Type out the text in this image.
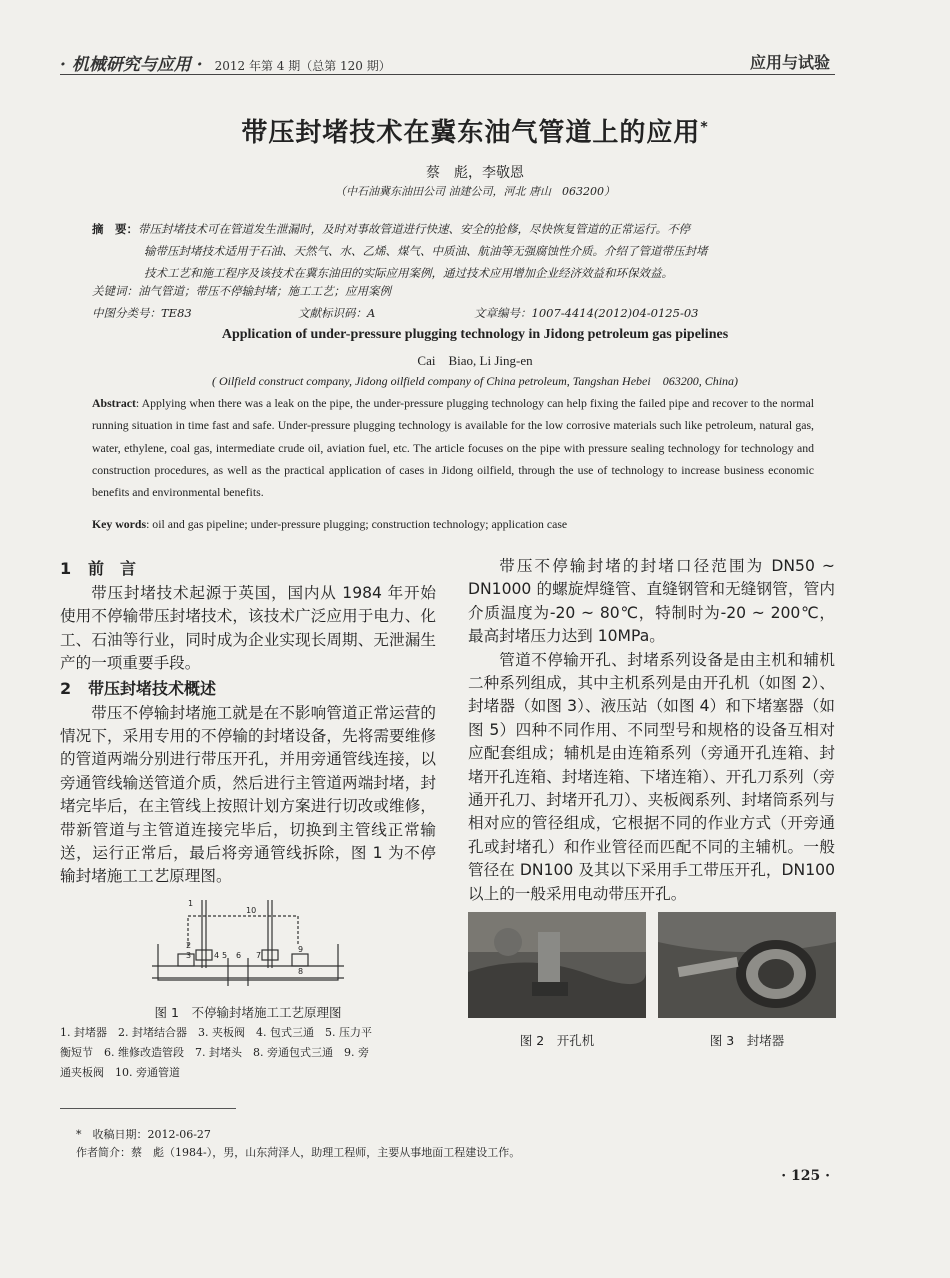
· 机械研究与应用 · 2012 年第 4 期（总第 120 期）	应用与试验
带压封堵技术在冀东油气管道上的应用*
蔡　彪，李敬恩
（中石油冀东油田公司 油建公司，河北 唐山　063200）
摘　要：带压封堵技术可在管道发生泄漏时，及时对事故管道进行快速、安全的抢修，尽快恢复管道的正常运行。不停
输带压封堵技术适用于石油、天然气、水、乙烯、煤气、中质油、航油等无强腐蚀性介质。介绍了管道带压封堵
技术工艺和施工程序及该技术在冀东油田的实际应用案例，通过技术应用增加企业经济效益和环保效益。
关键词：油气管道；带压不停输封堵；施工工艺；应用案例
中图分类号：TE83	文献标识码：A	文章编号：1007-4414(2012)04-0125-03
Application of under-pressure plugging technology in Jidong petroleum gas pipelines
Cai　Biao, Li Jing-en
( Oilfield construct company, Jidong oilfield company of China petroleum, Tangshan Hebei　063200, China)
Abstract: Applying when there was a leak on the pipe, the under-pressure plugging technology can help fixing the failed pipe and recover to the normal running situation in time fast and safe. Under-pressure plugging technology is available for the low corrosive materials such like petroleum, natural gas, water, ethylene, coal gas, intermediate crude oil, aviation fuel, etc. The article focuses on the pipe with pressure sealing technology for technology and construction procedures, as well as the practical application of cases in Jidong oilfield, through the use of technology to increase business economic benefits and environmental benefits.
Key words: oil and gas pipeline; under-pressure plugging; construction technology; application case
1 前　言

带压封堵技术起源于英国，国内从 1984 年开始使用不停输带压封堵技术，该技术广泛应用于电力、化工、石油等行业，同时成为企业实现长周期、无泄漏生产的一项重要手段。

2 带压封堵技术概述

带压不停输封堵施工就是在不影响管道正常运营的情况下，采用专用的不停输的封堵设备，先将需要维修的管道两端分别进行带压开孔，并用旁通管线连接，以旁通管线输送管道介质，然后进行主管道两端封堵，封堵完毕后，在主管线上按照计划方案进行切改或维修，带新管道与主管道连接完毕后，切换到主管线正常输送，运行正常后，最后将旁通管线拆除，图 1 为不停输封堵施工工艺原理图。

1
2
3	4 5 6 7
8
9
10
图 1　不停输封堵施工工艺原理图
1. 封堵器　2. 封堵结合器　3. 夹板阀　4. 包式三通　5. 压力平
衡短节　6. 维修改造管段　7. 封堵头　8. 旁通包式三通　9. 旁
通夹板阀　10. 旁通管道

带压不停输封堵的封堵口径范围为 DN50 ~ DN1000 的螺旋焊缝管、直缝钢管和无缝钢管，管内介质温度为-20 ~ 80℃，特制时为-20 ~ 200℃，最高封堵压力达到 10MPa。

管道不停输开孔、封堵系列设备是由主机和辅机二种系列组成，其中主机系列是由开孔机（如图 2）、封堵器（如图 3）、液压站（如图 4）和下堵塞器（如图 5）四种不同作用、不同型号和规格的设备互相对应配套组成；辅机是由连箱系列（旁通开孔连箱、封堵开孔连箱、封堵连箱、下堵连箱）、开孔刀系列（旁通开孔刀、封堵开孔刀）、夹板阀系列、封堵筒系列与相对应的管径组成，它根据不同的作业方式（开旁通孔或封堵孔）和作业管径而匹配不同的主辅机。一般管径在 DN100 及其以下采用手工带压开孔，DN100 以上的一般采用电动带压开孔。

图 2　开孔机	图 3　封堵器
*　收稿日期：2012-06-27
作者简介：蔡　彪（1984-），男，山东菏泽人，助理工程师，主要从事地面工程建设工作。
· 125 ·
